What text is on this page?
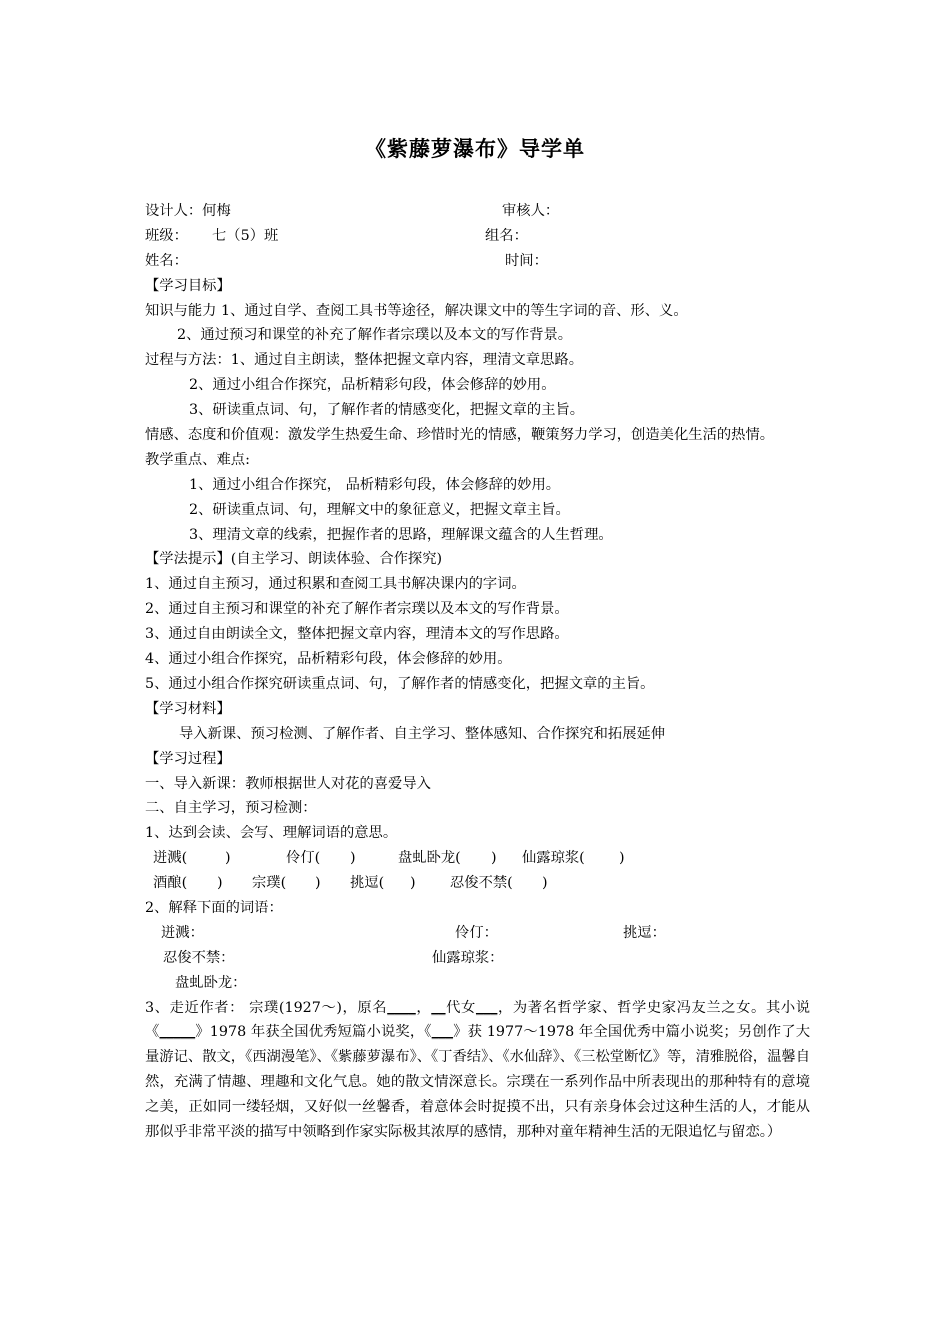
《紫藤萝瀑布》导学单
设计人：何梅	审核人：
班级： 七（5）班	组名：
姓名：	时间：
【学习目标】
知识与能力 1、通过自学、查阅工具书等途径，解决课文中的等生字词的音、形、义。
2、通过预习和课堂的补充了解作者宗璞以及本文的写作背景。
过程与方法：1、通过自主朗读，整体把握文章内容，理清文章思路。
2、通过小组合作探究，品析精彩句段，体会修辞的妙用。
3、研读重点词、句，了解作者的情感变化，把握文章的主旨。
情感、态度和价值观：激发学生热爱生命、珍惜时光的情感，鞭策努力学习，创造美化生活的热情。
教学重点、难点:
1、通过小组合作探究， 品析精彩句段，体会修辞的妙用。
2、研读重点词、句，理解文中的象征意义，把握文章主旨。
3、理清文章的线索，把握作者的思路，理解课文蕴含的人生哲理。
【学法提示】(自主学习、朗读体验、合作探究)
1、通过自主预习，通过积累和查阅工具书解决课内的字词。
2、通过自主预习和课堂的补充了解作者宗璞以及本文的写作背景。
3、通过自由朗读全文，整体把握文章内容，理清本文的写作思路。
4、通过小组合作探究，品析精彩句段，体会修辞的妙用。
5、通过小组合作探究研读重点词、句，了解作者的情感变化，把握文章的主旨。
【学习材料】
导入新课、预习检测、了解作者、自主学习、整体感知、合作探究和拓展延伸
【学习过程】
一、导入新课：教师根据世人对花的喜爱导入
二、自主学习，预习检测：
1、达到会读、会写、理解词语的意思。
迸溅(	)	伶仃( )	盘虬卧龙( ) 仙露琼浆( )
酒酿( ) 宗璞( ) 挑逗( ) 忍俊不禁( )
2、解释下面的词语：
迸溅：	伶仃：	挑逗：
忍俊不禁：	仙露琼浆：
盘虬卧龙：
3、走近作者： 宗璞(1927～)，原名____，__代女___，为著名哲学家、哲学史家冯友兰之女。其小说《_____》1978 年获全国优秀短篇小说奖，《___》获 1977～1978 年全国优秀中篇小说奖；另创作了大量游记、散文，《西湖漫笔》、《紫藤萝瀑布》、《丁香结》、《水仙辞》、《三松堂断忆》等，清雅脱俗，温馨自然，充满了情趣、理趣和文化气息。她的散文情深意长。宗璞在一系列作品中所表现出的那种特有的意境之美，正如同一缕轻烟，又好似一丝馨香，着意体会时捉摸不出，只有亲身体会过这种生活的人，才能从那似乎非常平淡的描写中领略到作家实际极其浓厚的感情，那种对童年精神生活的无限追忆与留恋。）
